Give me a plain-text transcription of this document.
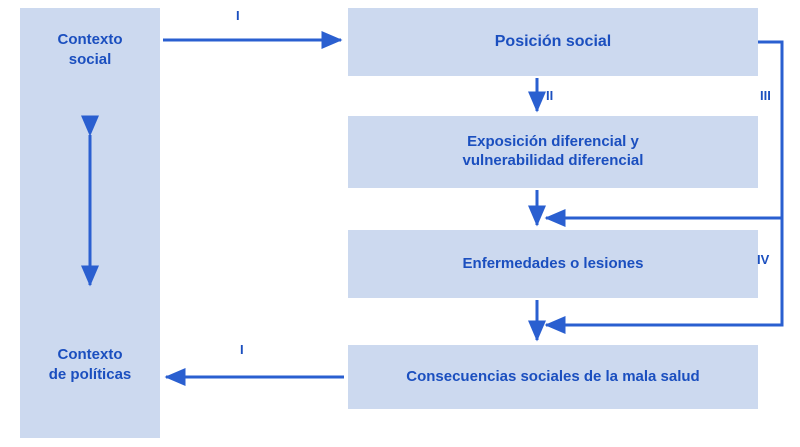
Contexto
social
Contexto
de políticas
Posición social
Exposición diferencial y
vulnerabilidad diferencial
Enfermedades o lesiones
Consecuencias sociales de la mala salud
I
I
II	III
IV
